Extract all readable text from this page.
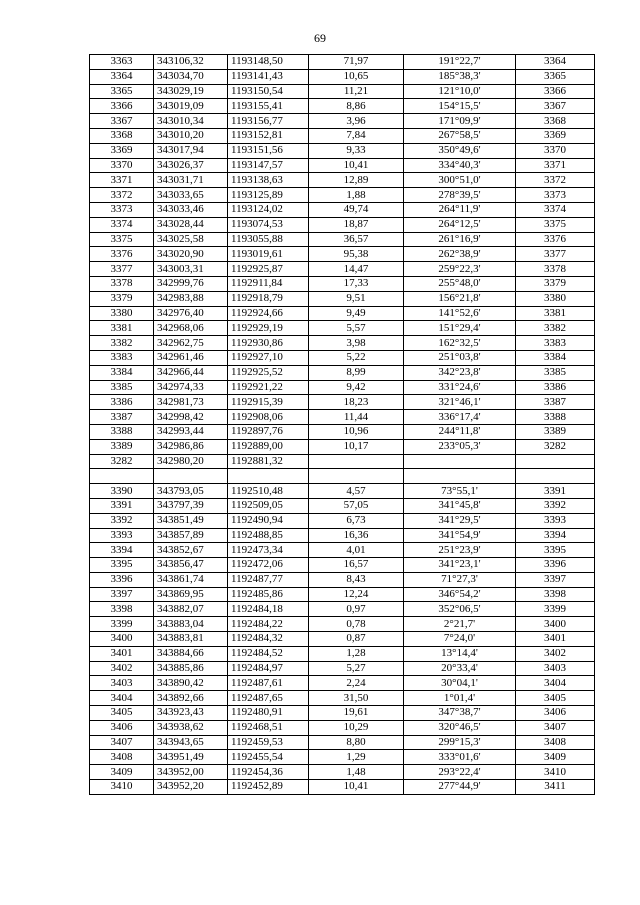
69
3363	343106,32	1193148,50	71,97	191°22,7'	3364
3364	343034,70	1193141,43	10,65	185°38,3'	3365
3365	343029,19	1193150,54	11,21	121°10,0'	3366
3366	343019,09	1193155,41	8,86	154°15,5'	3367
3367	343010,34	1193156,77	3,96	171°09,9'	3368
3368	343010,20	1193152,81	7,84	267°58,5'	3369
3369	343017,94	1193151,56	9,33	350°49,6'	3370
3370	343026,37	1193147,57	10,41	334°40,3'	3371
3371	343031,71	1193138,63	12,89	300°51,0'	3372
3372	343033,65	1193125,89	1,88	278°39,5'	3373
3373	343033,46	1193124,02	49,74	264°11,9'	3374
3374	343028,44	1193074,53	18,87	264°12,5'	3375
3375	343025,58	1193055,88	36,57	261°16,9'	3376
3376	343020,90	1193019,61	95,38	262°38,9'	3377
3377	343003,31	1192925,87	14,47	259°22,3'	3378
3378	342999,76	1192911,84	17,33	255°48,0'	3379
3379	342983,88	1192918,79	9,51	156°21,8'	3380
3380	342976,40	1192924,66	9,49	141°52,6'	3381
3381	342968,06	1192929,19	5,57	151°29,4'	3382
3382	342962,75	1192930,86	3,98	162°32,5'	3383
3383	342961,46	1192927,10	5,22	251°03,8'	3384
3384	342966,44	1192925,52	8,99	342°23,8'	3385
3385	342974,33	1192921,22	9,42	331°24,6'	3386
3386	342981,73	1192915,39	18,23	321°46,1'	3387
3387	342998,42	1192908,06	11,44	336°17,4'	3388
3388	342993,44	1192897,76	10,96	244°11,8'	3389
3389	342986,86	1192889,00	10,17	233°05,3'	3282
3282	342980,20	1192881,32			

3390	343793,05	1192510,48	4,57	73°55,1'	3391
3391	343797,39	1192509,05	57,05	341°45,8'	3392
3392	343851,49	1192490,94	6,73	341°29,5'	3393
3393	343857,89	1192488,85	16,36	341°54,9'	3394
3394	343852,67	1192473,34	4,01	251°23,9'	3395
3395	343856,47	1192472,06	16,57	341°23,1'	3396
3396	343861,74	1192487,77	8,43	71°27,3'	3397
3397	343869,95	1192485,86	12,24	346°54,2'	3398
3398	343882,07	1192484,18	0,97	352°06,5'	3399
3399	343883,04	1192484,22	0,78	2°21,7'	3400
3400	343883,81	1192484,32	0,87	7°24,0'	3401
3401	343884,66	1192484,52	1,28	13°14,4'	3402
3402	343885,86	1192484,97	5,27	20°33,4'	3403
3403	343890,42	1192487,61	2,24	30°04,1'	3404
3404	343892,66	1192487,65	31,50	1°01,4'	3405
3405	343923,43	1192480,91	19,61	347°38,7'	3406
3406	343938,62	1192468,51	10,29	320°46,5'	3407
3407	343943,65	1192459,53	8,80	299°15,3'	3408
3408	343951,49	1192455,54	1,29	333°01,6'	3409
3409	343952,00	1192454,36	1,48	293°22,4'	3410
3410	343952,20	1192452,89	10,41	277°44,9'	3411
